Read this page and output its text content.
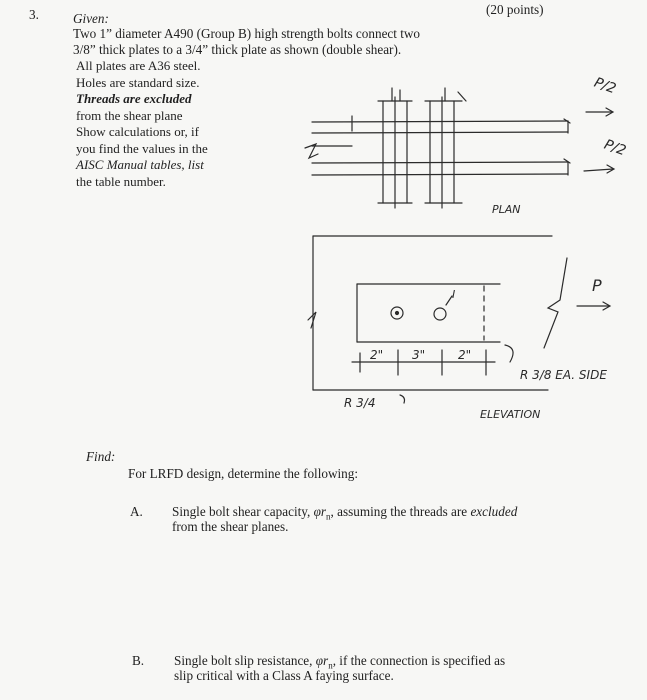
3.	(20 points)
Given:
Two 1” diameter A490 (Group B) high strength bolts connect two
3/8” thick plates to a 3/4” thick plate as shown (double shear).
All plates are A36 steel.
Holes are standard size.
Threads are excluded
from the shear plane
Show calculations or, if
you find the values in the
AISC Manual tables, list
the table number.
P/2
P/2
PLAN
P
I
2" 3"	2"
R 3/8 EA. SIDE
R 3/4
ELEVATION
Find:
For LRFD design, determine the following:
A. Single bolt shear capacity, $\varphi r_n$, assuming the threads are excluded
from the shear planes.
B. Single bolt slip resistance, $\varphi r_n$, if the connection is specified as
slip critical with a Class A faying surface.
